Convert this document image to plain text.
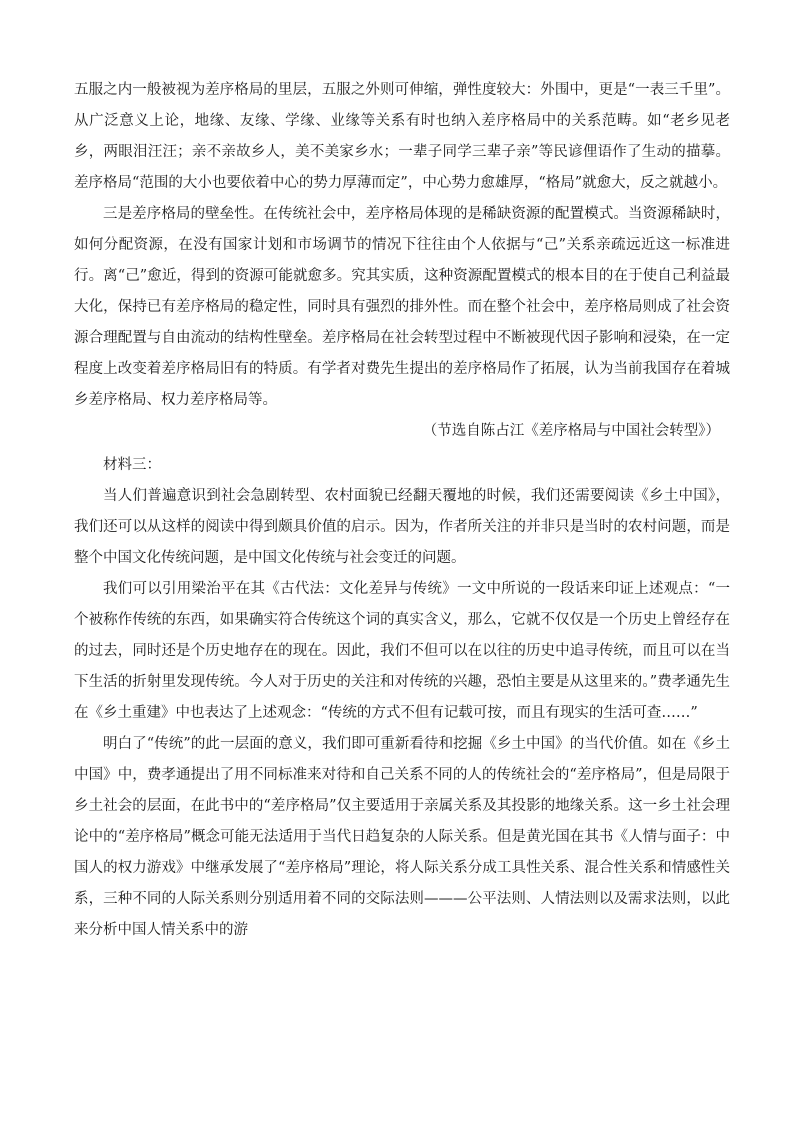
五服之内一般被视为差序格局的里层，五服之外则可伸缩，弹性度较大：外围中，更是“一表三千里”。从广泛意义上论，地缘、友缘、学缘、业缘等关系有时也纳入差序格局中的关系范畴。如“老乡见老乡，两眼泪汪汪；亲不亲故乡人，美不美家乡水；一辈子同学三辈子亲”等民谚俚语作了生动的描摹。差序格局“范围的大小也要依着中心的势力厚薄而定”，中心势力愈雄厚，“格局”就愈大，反之就越小。

三是差序格局的壁垒性。在传统社会中，差序格局体现的是稀缺资源的配置模式。当资源稀缺时，如何分配资源，在没有国家计划和市场调节的情况下往往由个人依据与“己”关系亲疏远近这一标准进行。离“己”愈近，得到的资源可能就愈多。究其实质，这种资源配置模式的根本目的在于使自己利益最大化，保持已有差序格局的稳定性，同时具有强烈的排外性。而在整个社会中，差序格局则成了社会资源合理配置与自由流动的结构性壁垒。差序格局在社会转型过程中不断被现代因子影响和浸染，在一定程度上改变着差序格局旧有的特质。有学者对费先生提出的差序格局作了拓展，认为当前我国存在着城乡差序格局、权力差序格局等。

（节选自陈占江《差序格局与中国社会转型》）

材料三：

当人们普遍意识到社会急剧转型、农村面貌已经翻天覆地的时候，我们还需要阅读《乡土中国》，我们还可以从这样的阅读中得到颇具价值的启示。因为，作者所关注的并非只是当时的农村问题，而是整个中国文化传统问题，是中国文化传统与社会变迁的问题。

我们可以引用梁治平在其《古代法：文化差异与传统》一文中所说的一段话来印证上述观点：“一个被称作传统的东西，如果确实符合传统这个词的真实含义，那么，它就不仅仅是一个历史上曾经存在的过去，同时还是个历史地存在的现在。因此，我们不但可以在以往的历史中追寻传统，而且可以在当下生活的折射里发现传统。今人对于历史的关注和对传统的兴趣，恐怕主要是从这里来的。”费孝通先生在《乡土重建》中也表达了上述观念：“传统的方式不但有记载可按，而且有现实的生活可查……”

明白了“传统”的此一层面的意义，我们即可重新看待和挖掘《乡土中国》的当代价值。如在《乡土中国》中，费孝通提出了用不同标准来对待和自己关系不同的人的传统社会的“差序格局”，但是局限于乡土社会的层面，在此书中的“差序格局”仅主要适用于亲属关系及其投影的地缘关系。这一乡土社会理论中的“差序格局”概念可能无法适用于当代日趋复杂的人际关系。但是黄光国在其书《人情与面子：中国人的权力游戏》中继承发展了“差序格局”理论，将人际关系分成工具性关系、混合性关系和情感性关系，三种不同的人际关系则分别适用着不同的交际法则———公平法则、人情法则以及需求法则，以此来分析中国人情关系中的游
